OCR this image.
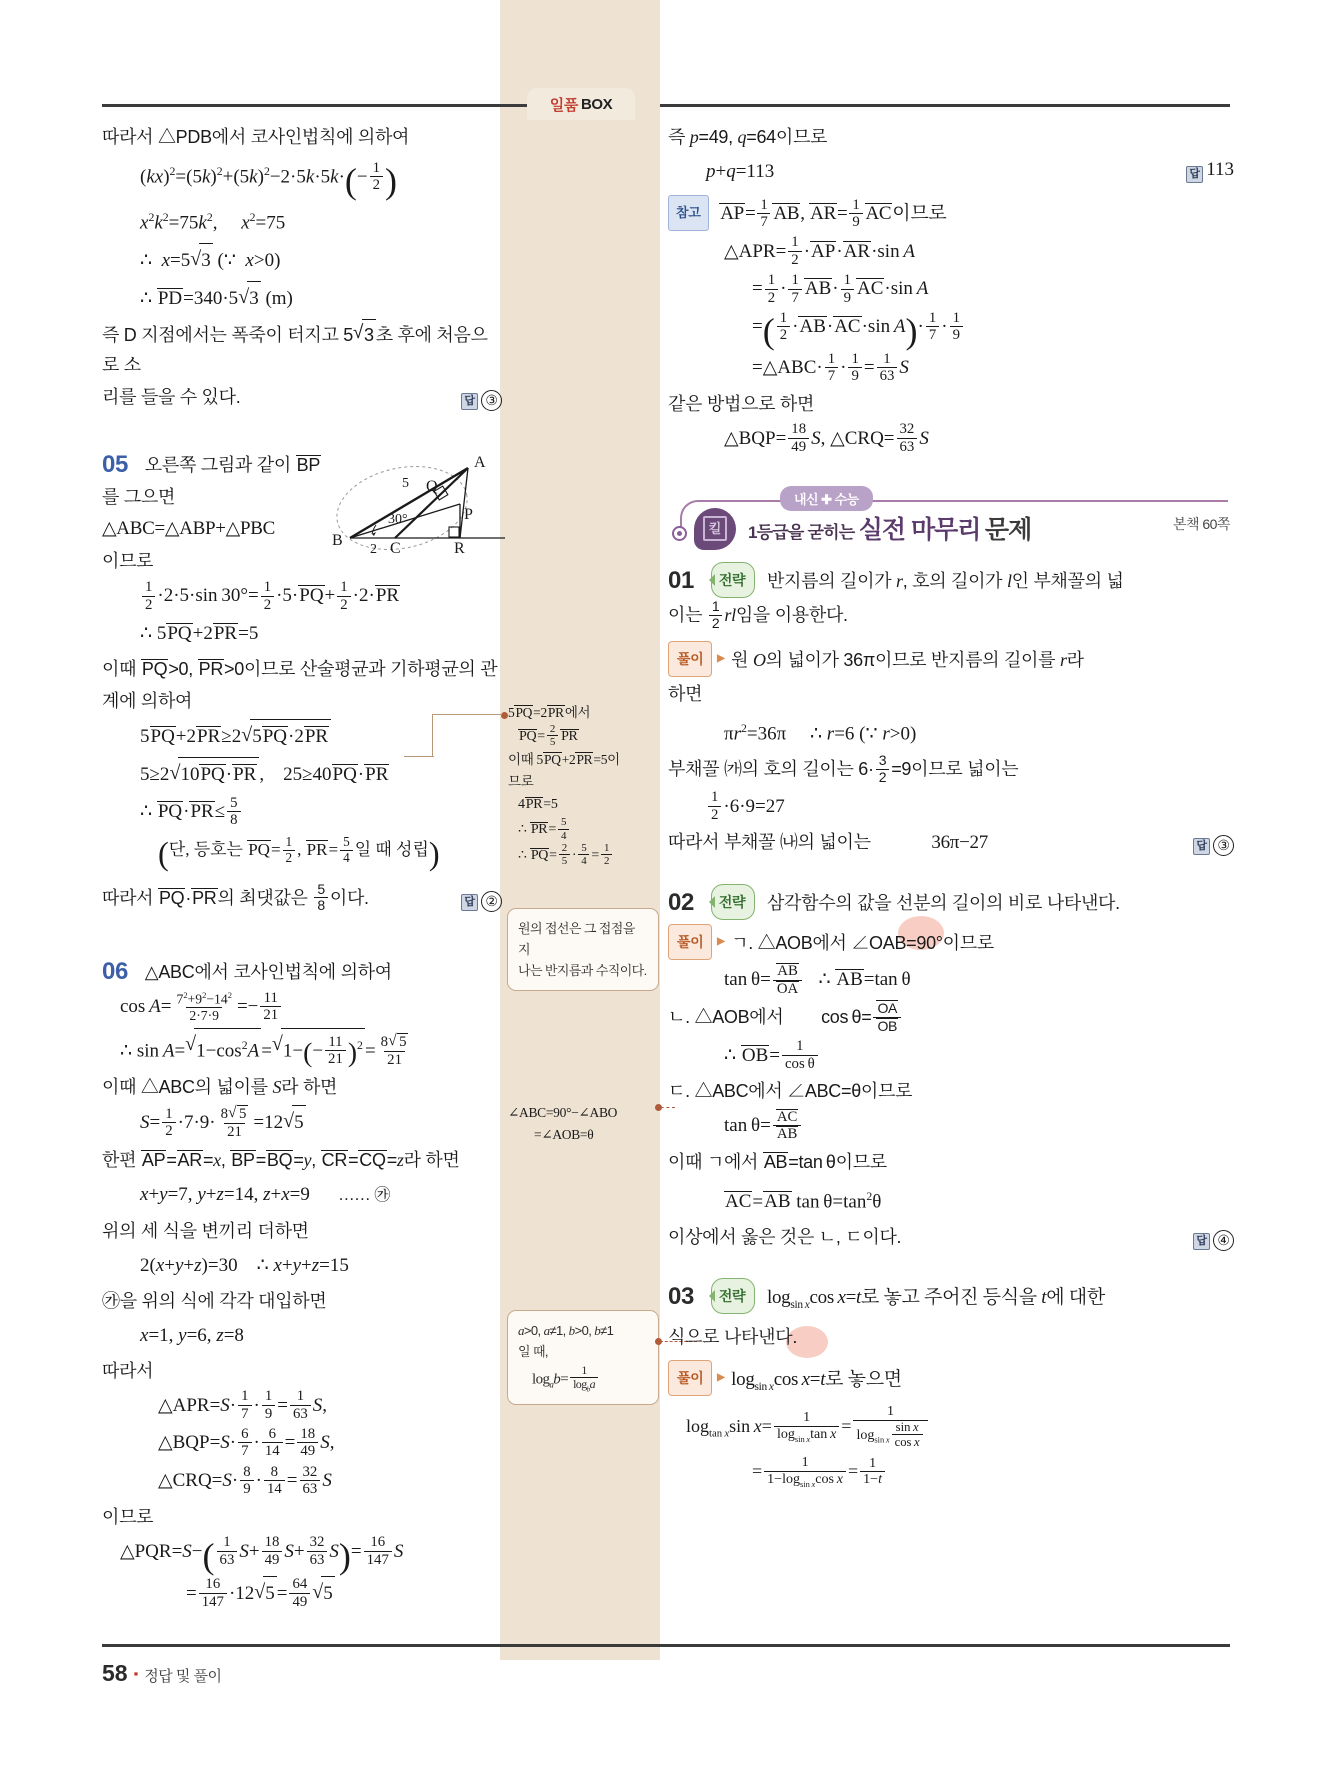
일품 BOX
따라서 △PDB에서 코사인법칙에 의하여
$(kx)^2=(5k)^2+(5k)^2-2\cdot 5k\cdot 5k\cdot(- \frac{1}{2}$ )
$x^2k^2=75k^2$,     $x^2=75$
∴  x=5 √ 3 (∵  x>0)
∴ PD=340·5 √ 3 (m)
즉 D 지점에서는 폭죽이 터지고 5 √ 3 초 후에 처음으로 소
리를 들을 수 있다.	답 ③
05 오른쪽 그림과 같이 BP
를 그으면
△ABC=△ABP+△PBC
이므로
A
Q
P
B	C	R
5
2
30°
$\frac{1}{2} \cdot 2\cdot 5\cdot\sin$ $30^\circ= \frac{1}{2} \cdot 5\cdot PQ+ \frac{1}{2} \cdot 2\cdot PR$
∴ 5PQ+2PR=5
이때 PQ>0, PR>0이므로 산술평균과 기하평균의 관
계에 의하여
5PQ+2PR≥2 √ 5PQ·2PR
5≥2 √ 10PQ·PR ,    25≥40PQ·PR
∴ $PQ\cdot PR\le \frac{5}{8}$
(단, 등호는 $PQ= \frac{1}{2}$ , $PR= \frac{5}{4}$ 일 때 성립)
따라서 PQ·PR의 최댓값은 $\frac{5}{8}$ 이다.	답 ②
06 △ABC에서 코사인법칙에 의하여
$\cos A= \frac{7^2+9^2-14^2}{2\cdot 7\cdot 9} =- \frac{11}{21}$
∴ sin A= √ $1-\cos^2A$ = √ $1-(- \frac{11}{21} )^2 = \frac{8 √ 5}{21}$
이때 △ABC의 넓이를 S라 하면
$S= \frac{1}{2} \cdot 7\cdot 9\cdot \frac{8 √ 5}{21} =12$ √ 5
한편 AP=AR=x, BP=BQ=y, CR=CQ=z라 하면
x+y=7, y+z=14, z+x=9      …… ㉮
위의 세 식을 변끼리 더하면
2(x+y+z)=30    ∴ x+y+z=15
㉮을 위의 식에 각각 대입하면
x=1, y=6, z=8
따라서
△APR=S· $\frac{1}{7} \cdot \frac{1}{9} = \frac{1}{63} S$,
△BQP=S· $\frac{6}{7} \cdot \frac{6}{14} = \frac{18}{49} S$,
△CRQ=S· $\frac{8}{9} \cdot \frac{8}{14} = \frac{32}{63}$ S
이므로
△PQR=S−( $\frac{1}{63} S+ \frac{18}{49} S+ \frac{32}{63} S)= \frac{16}{147}$ S
= $\frac{16}{147} \cdot 12$ √ $5 = \frac{64}{49}$ √ 5
5PQ=2PR에서
$PQ= \frac{2}{5}$ PR
이때 5PQ+2PR=5이
므로
4PR=5
∴ $PR= \frac{5}{4}$
∴ $PQ= \frac{2}{5} \cdot \frac{5}{4} = \frac{1}{2}$
원의 접선은 그 접점을 지
나는 반지름과 수직이다.
∠ABC=90°−∠ABO
=∠AOB=θ
a>0, a≠1, b>0, b≠1
일 때,
$\log_ab= \frac{1}{\log_ba}$
즉 p=49, q=64이므로
p+q=113	답 113
참고 $AP= \frac{1}{7}$ AB, $AR= \frac{1}{9}$ AC이므로
△APR= $\frac{1}{2} \cdot AP\cdot AR\cdot\sin$ A
= $\frac{1}{2} \cdot \frac{1}{7} AB\cdot \frac{1}{9} AC\cdot\sin$ A
=( $\frac{1}{2} \cdot AB\cdot AC\cdot\sin$ $A)\cdot \frac{1}{7} \cdot \frac{1}{9}$
=△ABC· $\frac{1}{7} \cdot \frac{1}{9} = \frac{1}{63}$ S
같은 방법으로 하면
△BQP= $\frac{18}{49} S$, △CRQ= $\frac{32}{63}$ S
내신 ✚ 수능
킬	1등급을 굳히는 실전 마무리 문제	본책 60쪽
01 전략 반지름의 길이가 r, 호의 길이가 l인 부채꼴의 넓
이는 $\frac{1}{2}$ rl임을 이용한다.
풀이 ▶ 원 O의 넓이가 36π이므로 반지름의 길이를 r라
하면
$\pi r^2=36\pi$     ∴ r=6 (∵ r>0)
부채꼴 ㈎의 호의 길이는 $6\cdot \frac{3}{2} =9$이므로 넓이는
$\frac{1}{2} \cdot 6\cdot 9=27$
따라서 부채꼴 ㈏의 넓이는	36π−27	답 ③
02 전략 삼각함수의 값을 선분의 길이의 비로 나타낸다.
풀이 ▶ ㄱ. △AOB에서 ∠OAB=90°이므로
$\tan \theta= \frac{AB}{OA}$ ∴ AB=tan θ
ㄴ. △AOB에서        $\cos \theta= \frac{OA}{OB}$
∴ $OB= \frac{1}{\text{cos θ}}$
ㄷ. △ABC에서 ∠ABC=θ이므로
$\tan \theta= \frac{AC}{AB}$
이때 ㄱ에서 AB=tan θ이므로
AC=AB $\tan \theta=\tan^2\theta$
이상에서 옳은 것은 ㄴ, ㄷ이다.	답 ④
03 전략 $\log_{sin x}\cos$ x=t로 놓고 주어진 등식을 t에 대한
식으로 나타낸다.
풀이 ▶ $\log_{sin x}\cos$ x=t로 놓으면
$\log_{tan x}\sin$ $x= \frac{1}{\log_{sin x}\tan x} = \frac{1}{\log_{sin x} \frac{\text{sin x}}{\text{cos x}}}$
= $\frac{1}{1-\log_{sin x}\cos x} = \frac{1}{1-t}$
58 ▪ 정답 및 풀이
